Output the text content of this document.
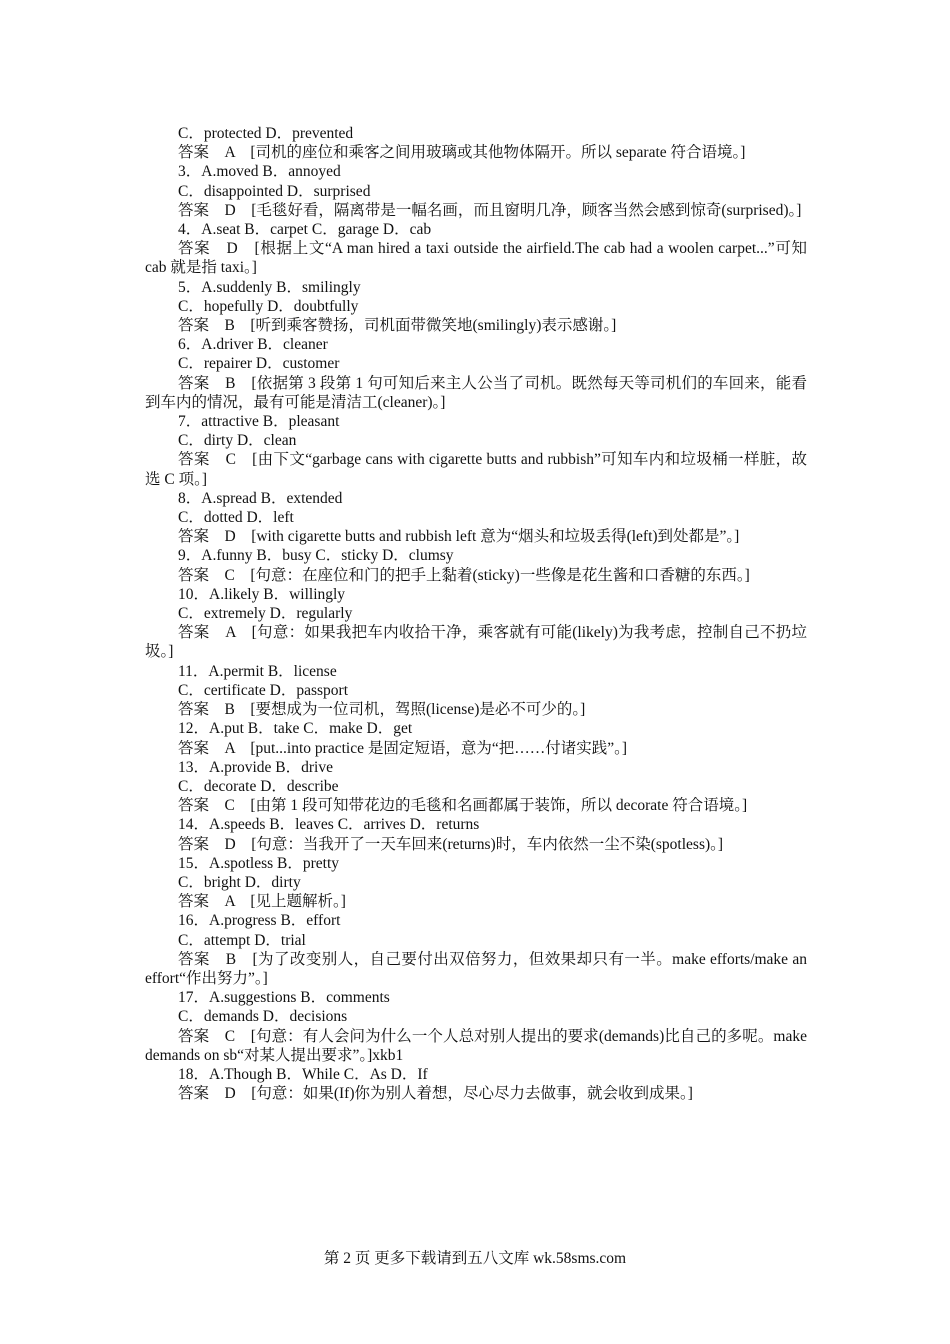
C．protected D．prevented
答案　A　[司机的座位和乘客之间用玻璃或其他物体隔开。所以 separate 符合语境。]
3．A.moved B．annoyed
C．disappointed D．surprised
答案　D　[毛毯好看，隔离带是一幅名画，而且窗明几净，顾客当然会感到惊奇(surprised)。]
4．A.seat B．carpet C．garage D．cab
答案　D　[根据上文“A man hired a taxi outside the airfield.The cab had a woolen carpet...”可知 cab 就是指 taxi。]
5．A.suddenly B．smilingly
C．hopefully D．doubtfully
答案　B　[听到乘客赞扬，司机面带微笑地(smilingly)表示感谢。]
6．A.driver B．cleaner
C．repairer D．customer
答案　B　[依据第 3 段第 1 句可知后来主人公当了司机。既然每天等司机们的车回来，能看到车内的情况，最有可能是清洁工(cleaner)。]
7．attractive B．pleasant
C．dirty D．clean
答案　C　[由下文“garbage cans with cigarette butts and rubbish”可知车内和垃圾桶一样脏，故选 C 项。]
8．A.spread B．extended
C．dotted D．left
答案　D　[with cigarette butts and rubbish left 意为“烟头和垃圾丢得(left)到处都是”。]
9．A.funny B．busy C．sticky D．clumsy
答案　C　[句意：在座位和门的把手上黏着(sticky)一些像是花生酱和口香糖的东西。]
10．A.likely B．willingly
C．extremely D．regularly
答案　A　[句意：如果我把车内收拾干净，乘客就有可能(likely)为我考虑，控制自己不扔垃圾。]
11．A.permit B．license
C．certificate D．passport
答案　B　[要想成为一位司机，驾照(license)是必不可少的。]
12．A.put B．take C．make D．get
答案　A　[put...into practice 是固定短语，意为“把……付诸实践”。]
13．A.provide B．drive
C．decorate D．describe
答案　C　[由第 1 段可知带花边的毛毯和名画都属于装饰，所以 decorate 符合语境。]
14．A.speeds B．leaves C．arrives D．returns
答案　D　[句意：当我开了一天车回来(returns)时，车内依然一尘不染(spotless)。]
15．A.spotless B．pretty
C．bright D．dirty
答案　A　[见上题解析。]
16．A.progress B．effort
C．attempt D．trial
答案　B　[为了改变别人，自己要付出双倍努力，但效果却只有一半。make efforts/make an effort“作出努力”。]
17．A.suggestions B．comments
C．demands D．decisions
答案　C　[句意：有人会问为什么一个人总对别人提出的要求(demands)比自己的多呢。make demands on sb“对某人提出要求”。]xkb1
18．A.Though B．While C．As D．If
答案　D　[句意：如果(If)你为别人着想，尽心尽力去做事，就会收到成果。]
第 2 页 更多下载请到五八文库 wk.58sms.com
